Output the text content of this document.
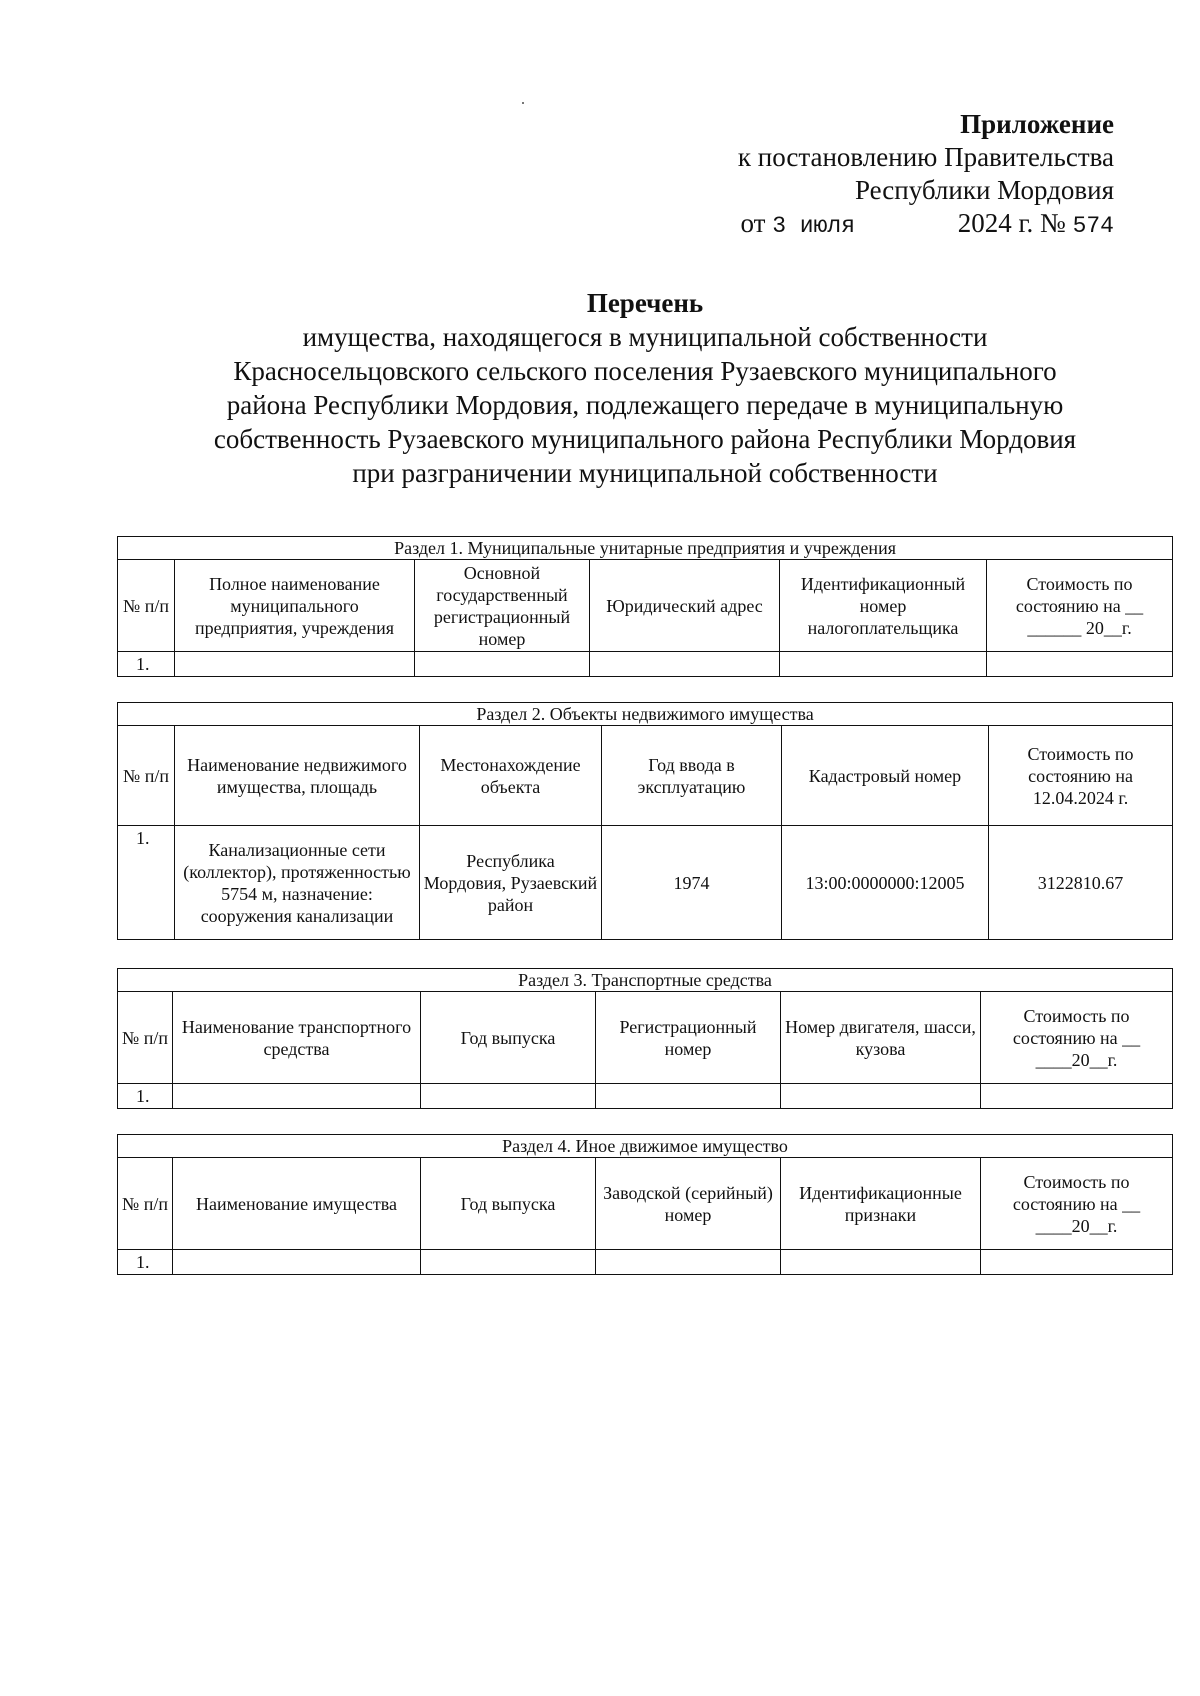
Приложение
к постановлению Правительства
Республики Мордовия
от 3 июля	2024 г. № 574
Перечень
имущества, находящегося в муниципальной собственности
Красносельцовского сельского поселения Рузаевского муниципального
района Республики Мордовия, подлежащего передаче в муниципальную
собственность Рузаевского муниципального района Республики Мордовия
при разграничении муниципальной собственности
Раздел 1. Муниципальные унитарные предприятия и учреждения					
№ п/п	Полное наименование муниципального предприятия, учреждения	Основной государственный регистрационный номер	Юридический адрес	Идентификационный номер налогоплательщика	Стоимость по состоянию на __ ______ 20__г.
1.					
Раздел 2. Объекты недвижимого имущества					
№ п/п	Наименование недвижимого имущества, площадь	Местонахождение объекта	Год ввода в эксплуатацию	Кадастровый номер	Стоимость по состоянию на 12.04.2024 г.
1.	Канализационные сети (коллектор), протяженностью 5754 м, назначение: сооружения канализации	Республика Мордовия, Рузаевский район	1974	13:00:0000000:12005	3122810.67
Раздел 3. Транспортные средства					
№ п/п	Наименование транспортного средства	Год выпуска	Регистрационный номер	Номер двигателя, шасси, кузова	Стоимость по состоянию на __ ____20__г.
1.					
Раздел 4. Иное движимое имущество					
№ п/п	Наименование имущества	Год выпуска	Заводской (серийный) номер	Идентификационные признаки	Стоимость по состоянию на __ ____20__г.
1.					
